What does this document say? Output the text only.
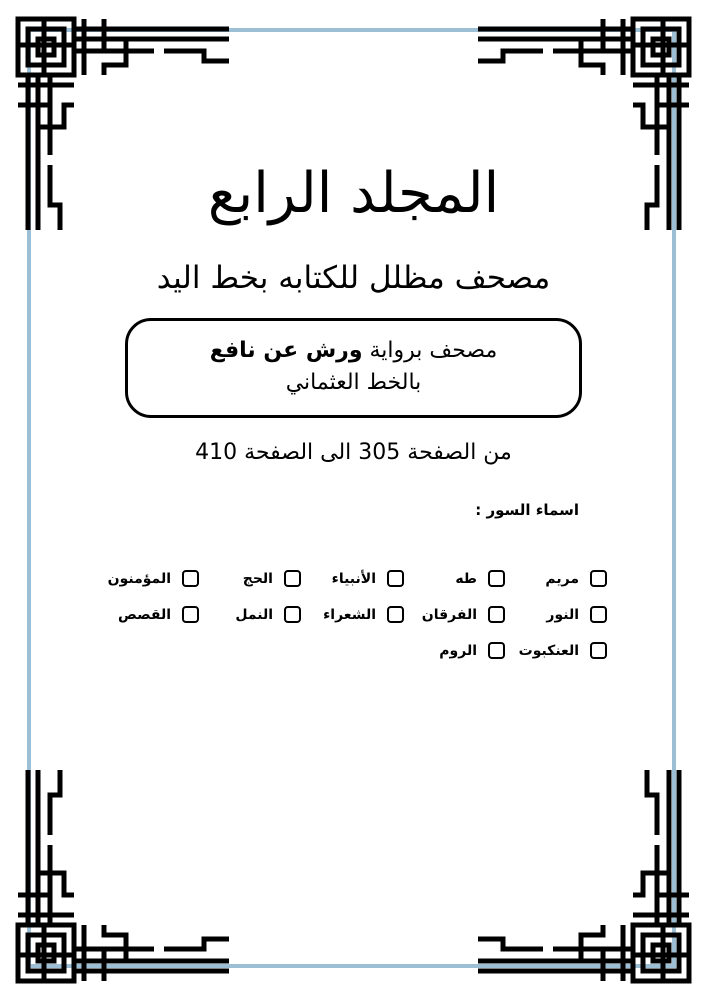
المجلد الرابع
مصحف مظلل للكتابه بخط اليد
مصحف برواية ورش عن نافع
بالخط العثماني
من الصفحة 305 الى الصفحة 410
اسماء السور :
مريم
طه
الأنبياء
الحج
المؤمنون
النور
الفرقان
الشعراء
النمل
القصص
العنكبوت
الروم
